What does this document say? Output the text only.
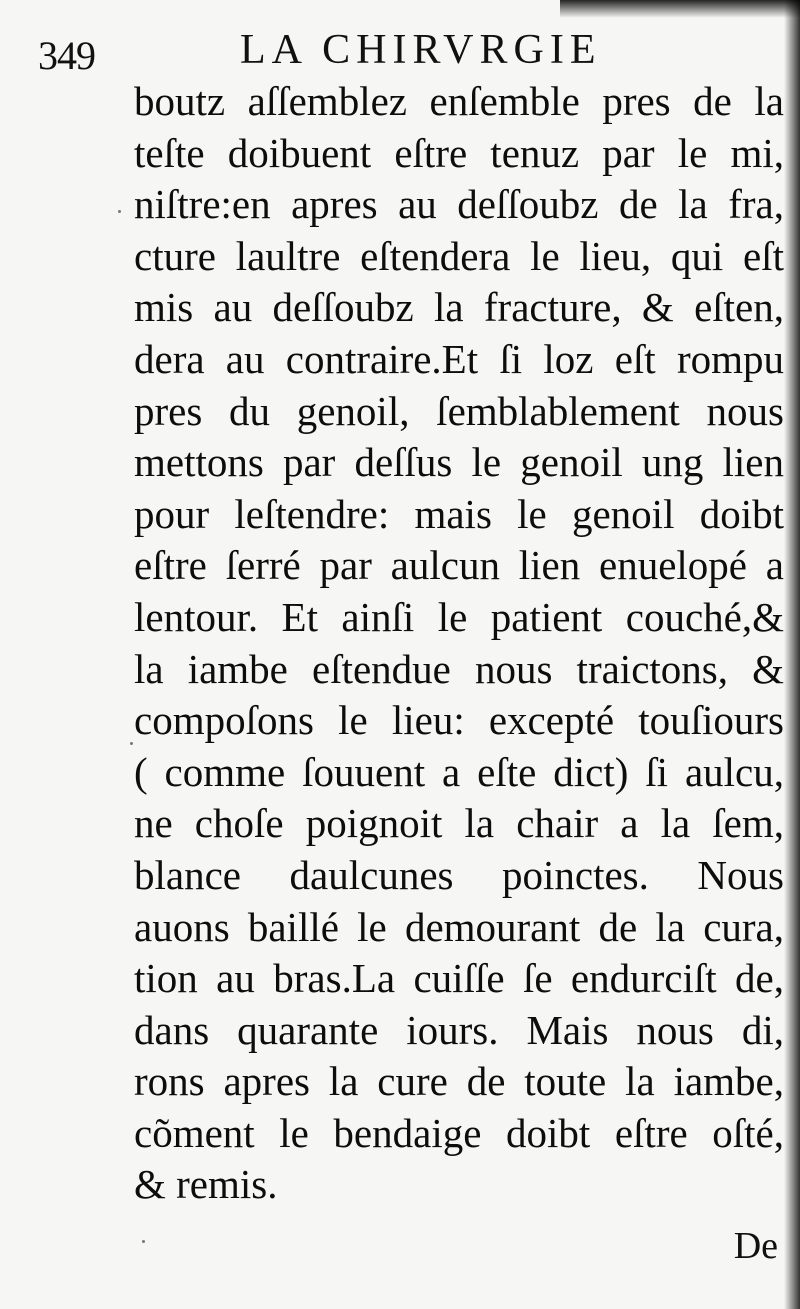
349	LA CHIRVRGIE
boutz aſſemblez enſemble pres de la
teſte doibuent eſtre tenuz par le mi,
niſtre:en apres au deſſoubz de la fra,
cture laultre eſtendera le lieu, qui eſt
mis au deſſoubz la fracture, & eſten,
dera au contraire.Et ſi loz eſt rompu
pres du genoil, ſemblablement nous
mettons par deſſus le genoil ung lien
pour leſtendre: mais le genoil doibt
eſtre ſerré par aulcun lien enuelopé a
lentour. Et ainſi le patient couché,&
la iambe eſtendue nous traictons, &
compoſons le lieu: excepté touſiours
( comme ſouuent a eſte dict) ſi aulcu,
ne choſe poignoit la chair a la ſem,
blance daulcunes poinctes. Nous
auons baillé le demourant de la cura,
tion au bras.La cuiſſe ſe endurciſt de,
dans quarante iours. Mais nous di,
rons apres la cure de toute la iambe,
cõment le bendaige doibt eſtre oſté,
& remis.
De
